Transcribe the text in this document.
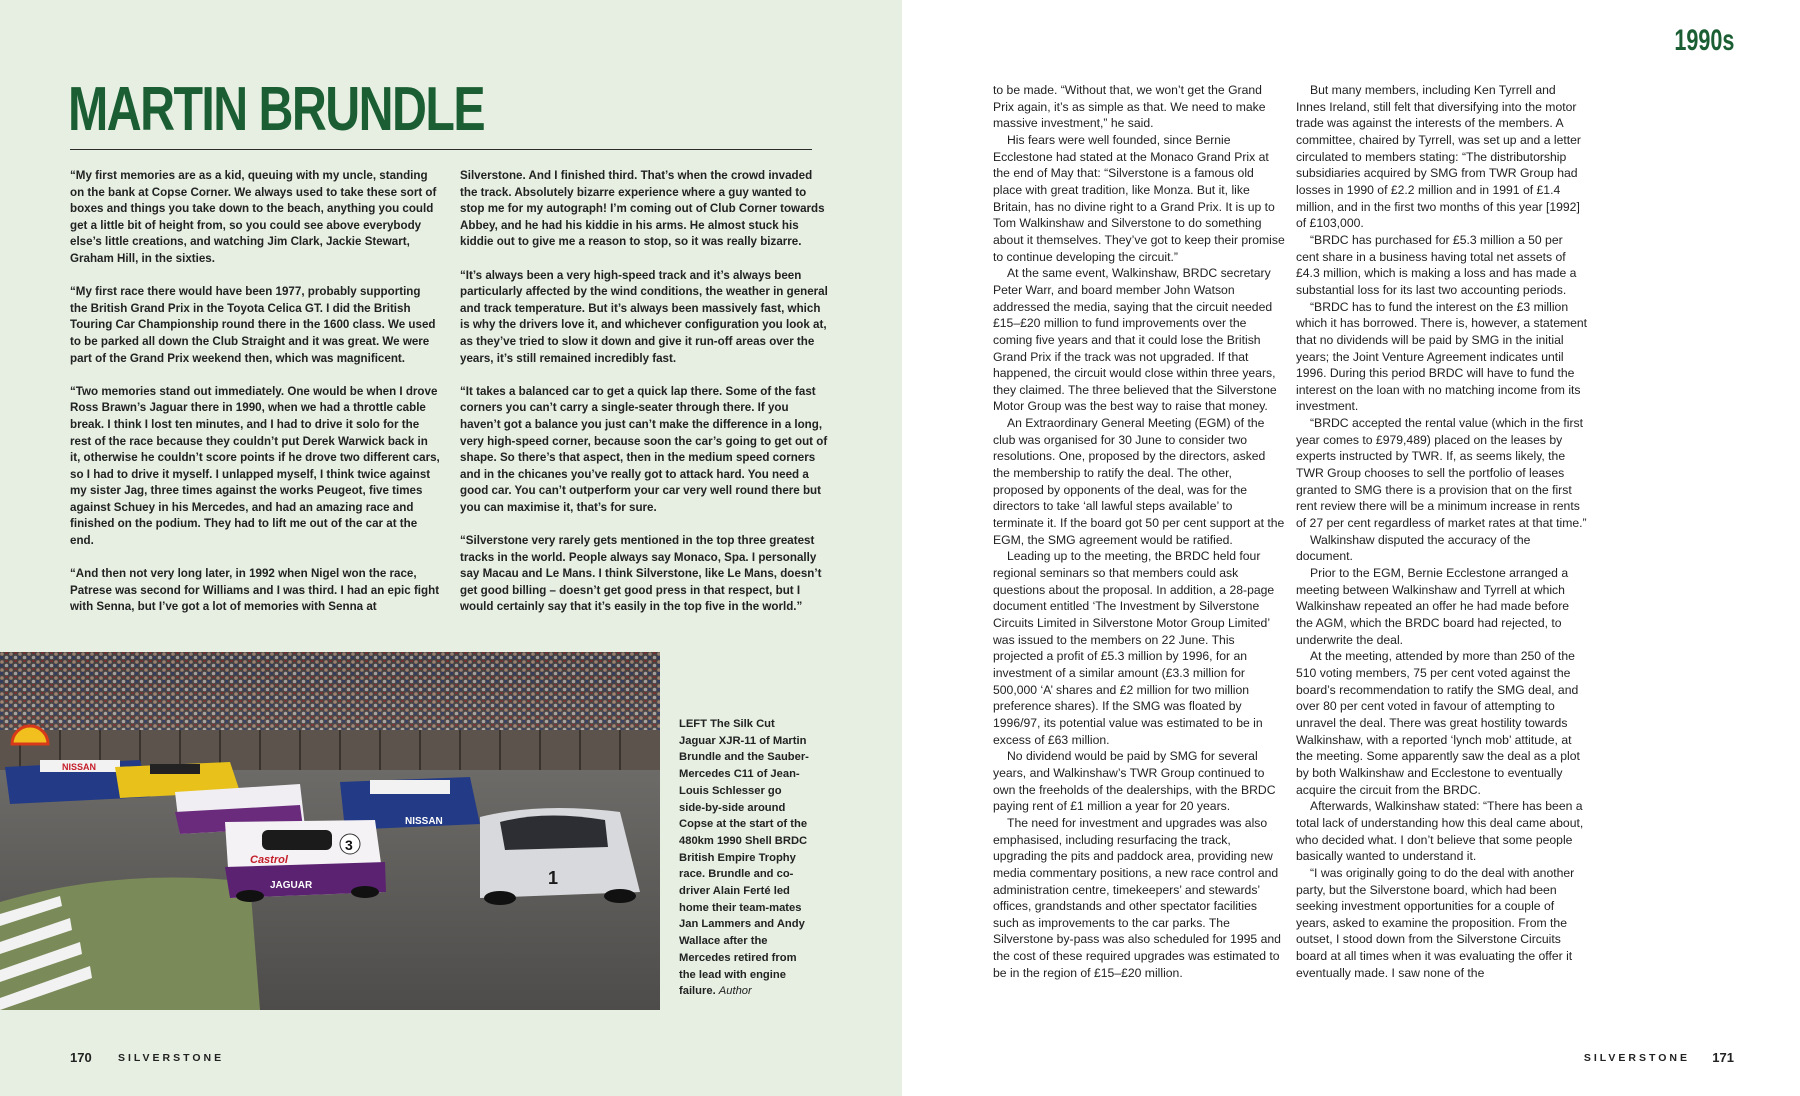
MARTIN BRUNDLE

“My first memories are as a kid, queuing with my uncle, standing on the bank at Copse Corner. We always used to take these sort of boxes and things you take down to the beach, anything you could get a little bit of height from, so you could see above everybody else’s little creations, and watching Jim Clark, Jackie Stewart, Graham Hill, in the sixties.

“My first race there would have been 1977, probably supporting the British Grand Prix in the Toyota Celica GT. I did the British Touring Car Championship round there in the 1600 class. We used to be parked all down the Club Straight and it was great. We were part of the Grand Prix weekend then, which was magnificent.

“Two memories stand out immediately. One would be when I drove Ross Brawn’s Jaguar there in 1990, when we had a throttle cable break. I think I lost ten minutes, and I had to drive it solo for the rest of the race because they couldn’t put Derek Warwick back in it, otherwise he couldn’t score points if he drove two different cars, so I had to drive it myself. I unlapped myself, I think twice against my sister Jag, three times against the works Peugeot, five times against Schuey in his Mercedes, and had an amazing race and finished on the podium. They had to lift me out of the car at the end.

“And then not very long later, in 1992 when Nigel won the race, Patrese was second for Williams and I was third. I had an epic fight with Senna, but I’ve got a lot of memories with Senna at

Silverstone. And I finished third. That’s when the crowd invaded the track. Absolutely bizarre experience where a guy wanted to stop me for my autograph! I’m coming out of Club Corner towards Abbey, and he had his kiddie in his arms. He almost stuck his kiddie out to give me a reason to stop, so it was really bizarre.

“It’s always been a very high-speed track and it’s always been particularly affected by the wind conditions, the weather in general and track temperature. But it’s always been massively fast, which is why the drivers love it, and whichever configuration you look at, as they’ve tried to slow it down and give it run-off areas over the years, it’s still remained incredibly fast.

“It takes a balanced car to get a quick lap there. Some of the fast corners you can’t carry a single-seater through there. If you haven’t got a balance you just can’t make the difference in a long, very high-speed corner, because soon the car’s going to get out of shape. So there’s that aspect, then in the medium speed corners and in the chicanes you’ve really got to attack hard. You need a good car. You can’t outperform your car very well round there but you can maximise it, that’s for sure.

“Silverstone very rarely gets mentioned in the top three greatest tracks in the world. People always say Monaco, Spa. I personally say Macau and Le Mans. I think Silverstone, like Le Mans, doesn’t get good billing – doesn’t get good press in that respect, but I would certainly say that it’s easily in the top five in the world.”

NISSAN
NISSAN
3
Castrol
JAGUAR	1
LEFT The Silk Cut Jaguar XJR-11 of Martin Brundle and the Sauber-Mercedes C11 of Jean-Louis Schlesser go side-by-side around Copse at the start of the 480km 1990 Shell BRDC British Empire Trophy race. Brundle and co-driver Alain Ferté led home their team-mates Jan Lammers and Andy Wallace after the Mercedes retired from the lead with engine failure. Author
170	SILVERSTONE
1990s

to be made. “Without that, we won’t get the Grand Prix again, it’s as simple as that. We need to make massive investment,” he said.

His fears were well founded, since Bernie Ecclestone had stated at the Monaco Grand Prix at the end of May that: “Silverstone is a famous old place with great tradition, like Monza. But it, like Britain, has no divine right to a Grand Prix. It is up to Tom Walkinshaw and Silverstone to do something about it themselves. They’ve got to keep their promise to continue developing the circuit.”

At the same event, Walkinshaw, BRDC secretary Peter Warr, and board member John Watson addressed the media, saying that the circuit needed £15–£20 million to fund improvements over the coming five years and that it could lose the British Grand Prix if the track was not upgraded. If that happened, the circuit would close within three years, they claimed. The three believed that the Silverstone Motor Group was the best way to raise that money.

An Extraordinary General Meeting (EGM) of the club was organised for 30 June to consider two resolutions. One, proposed by the directors, asked the membership to ratify the deal. The other, proposed by opponents of the deal, was for the directors to take ‘all lawful steps available’ to terminate it. If the board got 50 per cent support at the EGM, the SMG agreement would be ratified.

Leading up to the meeting, the BRDC held four regional seminars so that members could ask questions about the proposal. In addition, a 28-page document entitled ‘The Investment by Silverstone Circuits Limited in Silverstone Motor Group Limited’ was issued to the members on 22 June. This projected a profit of £5.3 million by 1996, for an investment of a similar amount (£3.3 million for 500,000 ‘A’ shares and £2 million for two million preference shares). If the SMG was floated by 1996/97, its potential value was estimated to be in excess of £63 million.

No dividend would be paid by SMG for several years, and Walkinshaw’s TWR Group continued to own the freeholds of the dealerships, with the BRDC paying rent of £1 million a year for 20 years.

The need for investment and upgrades was also emphasised, including resurfacing the track, upgrading the pits and paddock area, providing new media commentary positions, a new race control and administration centre, timekeepers’ and stewards’ offices, grandstands and other spectator facilities such as improvements to the car parks. The Silverstone by-pass was also scheduled for 1995 and the cost of these required upgrades was estimated to be in the region of £15–£20 million.

But many members, including Ken Tyrrell and Innes Ireland, still felt that diversifying into the motor trade was against the interests of the members. A committee, chaired by Tyrrell, was set up and a letter circulated to members stating: “The distributorship subsidiaries acquired by SMG from TWR Group had losses in 1990 of £2.2 million and in 1991 of £1.4 million, and in the first two months of this year [1992] of £103,000.

“BRDC has purchased for £5.3 million a 50 per cent share in a business having total net assets of £4.3 million, which is making a loss and has made a substantial loss for its last two accounting periods.

“BRDC has to fund the interest on the £3 million which it has borrowed. There is, however, a statement that no dividends will be paid by SMG in the initial years; the Joint Venture Agreement indicates until 1996. During this period BRDC will have to fund the interest on the loan with no matching income from its investment.

“BRDC accepted the rental value (which in the first year comes to £979,489) placed on the leases by experts instructed by TWR. If, as seems likely, the TWR Group chooses to sell the portfolio of leases granted to SMG there is a provision that on the first rent review there will be a minimum increase in rents of 27 per cent regardless of market rates at that time.”

Walkinshaw disputed the accuracy of the document.

Prior to the EGM, Bernie Ecclestone arranged a meeting between Walkinshaw and Tyrrell at which Walkinshaw repeated an offer he had made before the AGM, which the BRDC board had rejected, to underwrite the deal.

At the meeting, attended by more than 250 of the 510 voting members, 75 per cent voted against the board’s recommendation to ratify the SMG deal, and over 80 per cent voted in favour of attempting to unravel the deal. There was great hostility towards Walkinshaw, with a reported ‘lynch mob’ attitude, at the meeting. Some apparently saw the deal as a plot by both Walkinshaw and Ecclestone to eventually acquire the circuit from the BRDC.

Afterwards, Walkinshaw stated: “There has been a total lack of understanding how this deal came about, who decided what. I don’t believe that some people basically wanted to understand it.

“I was originally going to do the deal with another party, but the Silverstone board, which had been seeking investment opportunities for a couple of years, asked to examine the proposition. From the outset, I stood down from the Silverstone Circuits board at all times when it was evaluating the offer it eventually made. I saw none of the

SILVERSTONE 171
